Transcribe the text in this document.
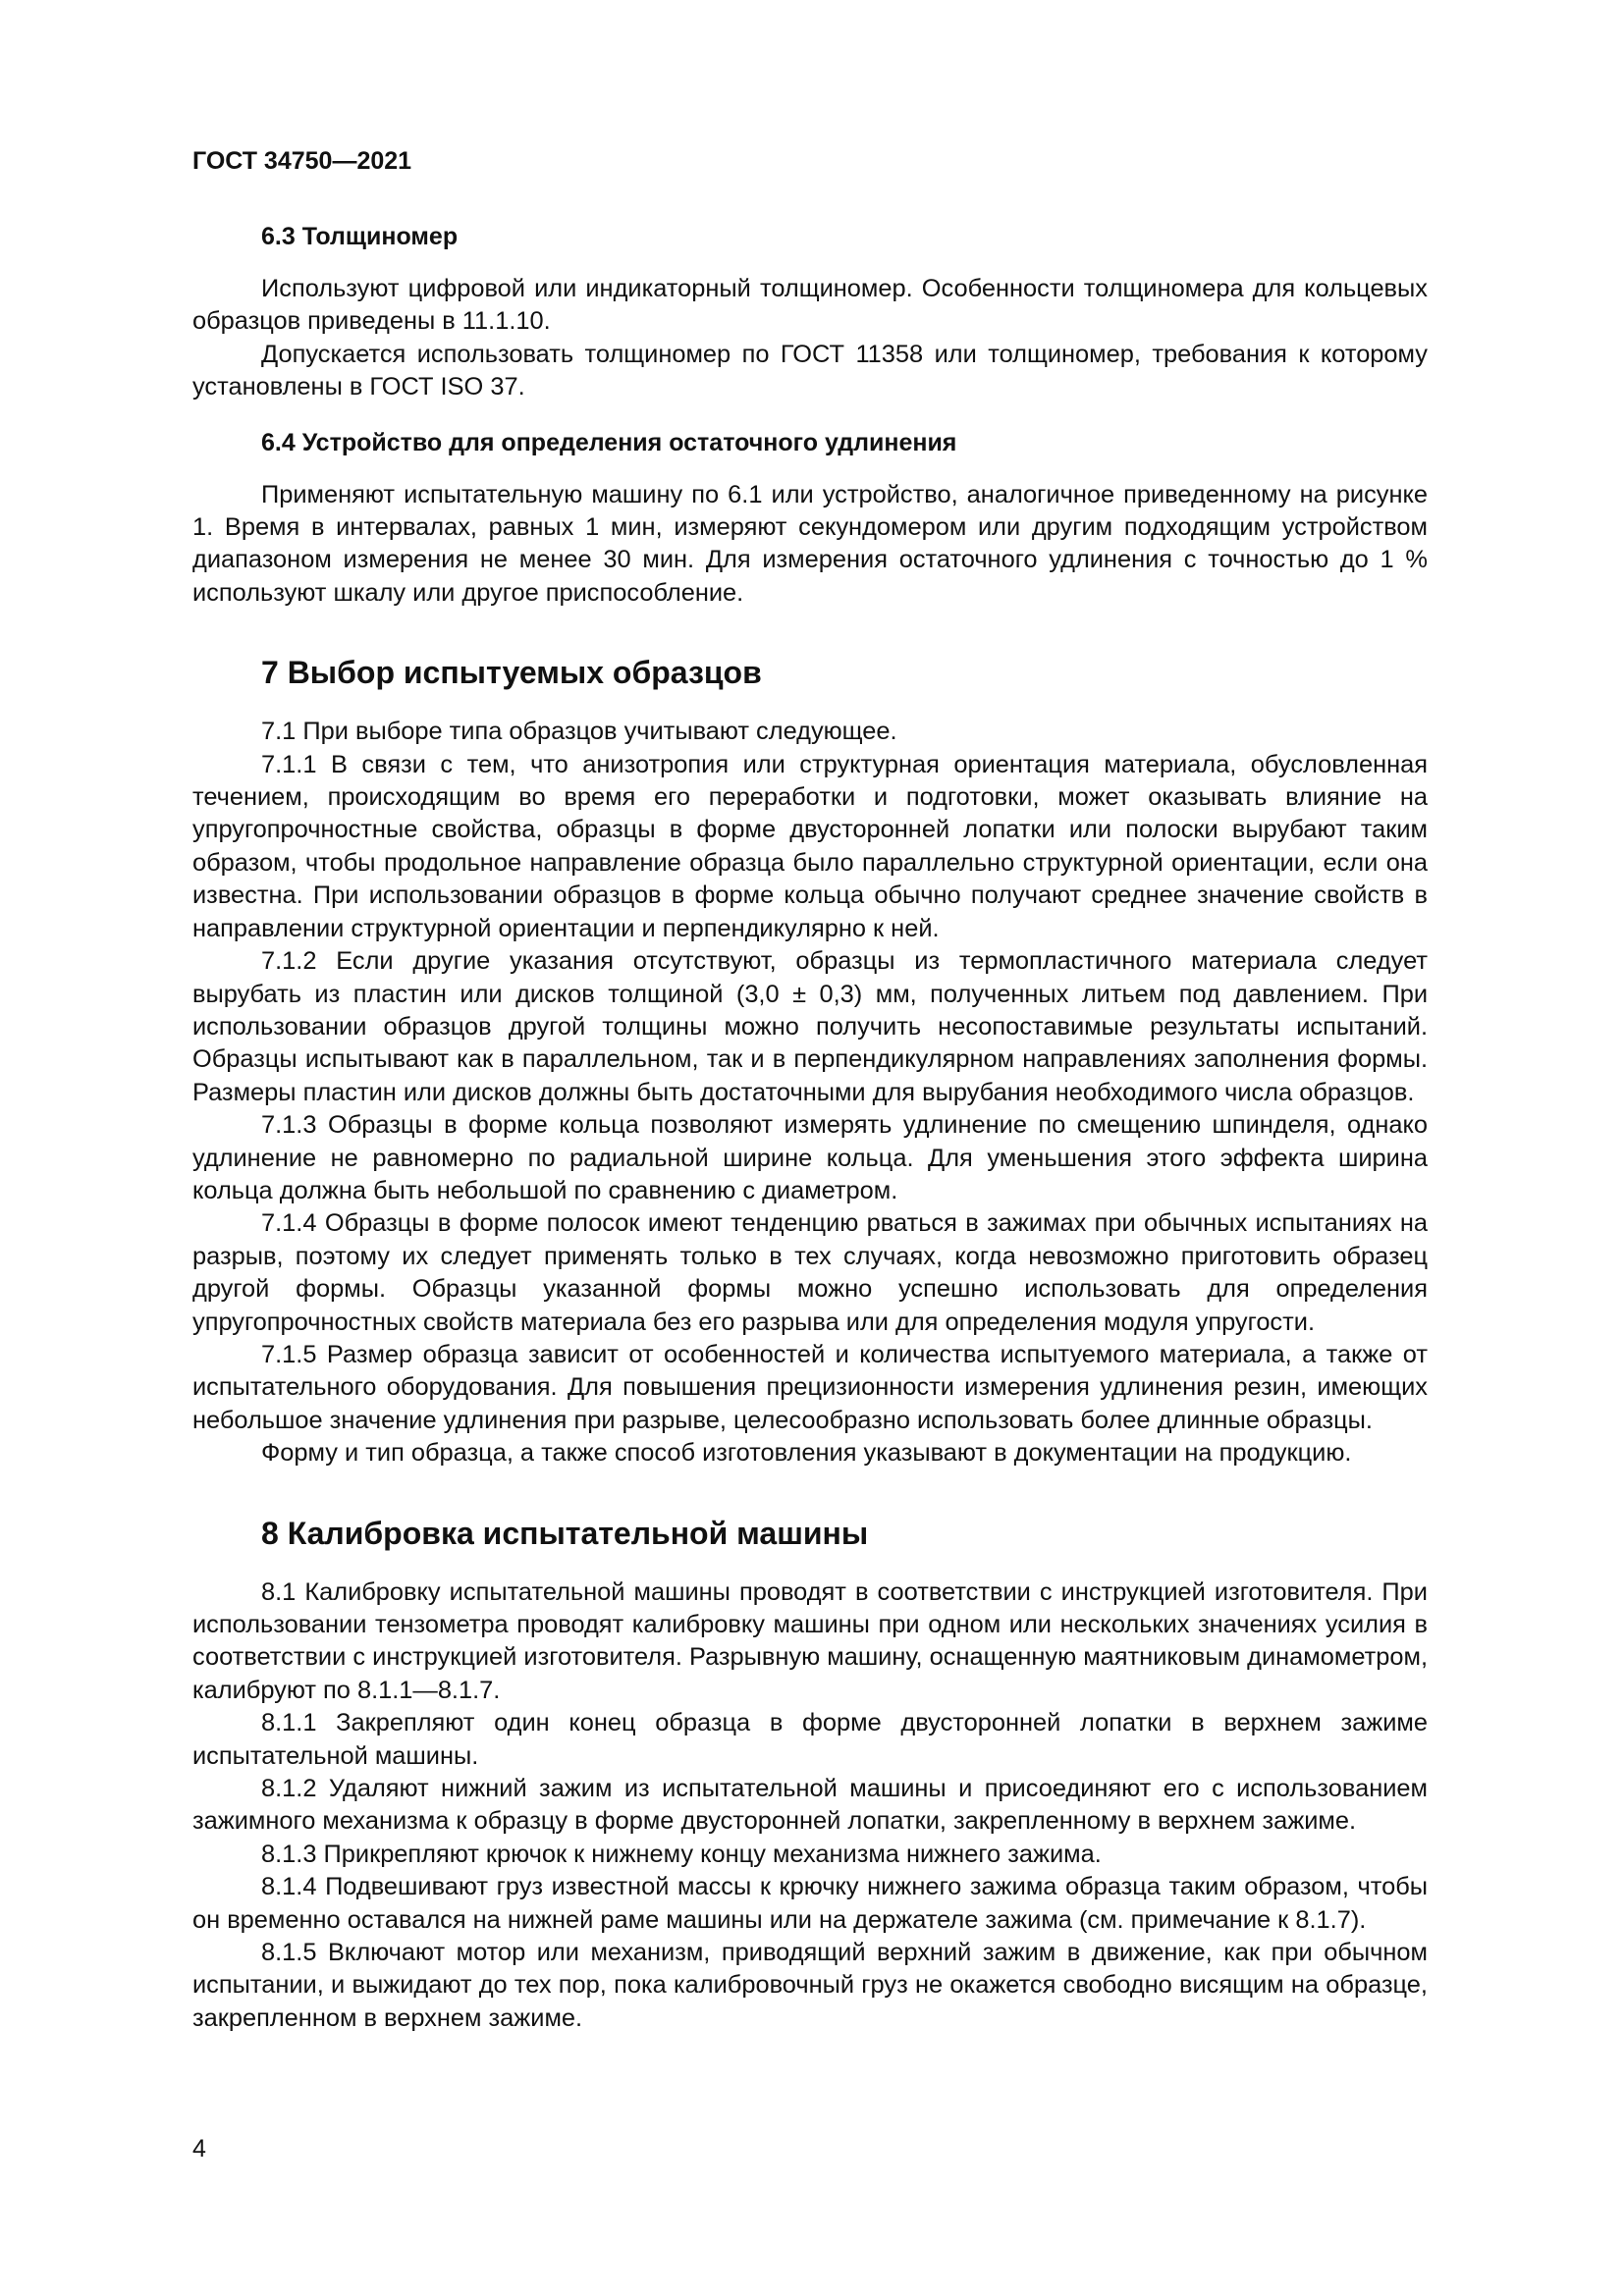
ГОСТ 34750—2021
6.3 Толщиномер

Используют цифровой или индикаторный толщиномер. Особенности толщиномера для кольцевых образцов приведены в 11.1.10.

Допускается использовать толщиномер по ГОСТ 11358 или толщиномер, требования к которому установлены в ГОСТ ISO 37.

6.4 Устройство для определения остаточного удлинения

Применяют испытательную машину по 6.1 или устройство, аналогичное приведенному на рисунке 1. Время в интервалах, равных 1 мин, измеряют секундомером или другим подходящим устройством диапазоном измерения не менее 30 мин. Для измерения остаточного удлинения с точностью до 1 % используют шкалу или другое приспособление.

7 Выбор испытуемых образцов

7.1 При выборе типа образцов учитывают следующее.

7.1.1 В связи с тем, что анизотропия или структурная ориентация материала, обусловленная течением, происходящим во время его переработки и подготовки, может оказывать влияние на упругопрочностные свойства, образцы в форме двусторонней лопатки или полоски вырубают таким образом, чтобы продольное направление образца было параллельно структурной ориентации, если она известна. При использовании образцов в форме кольца обычно получают среднее значение свойств в направлении структурной ориентации и перпендикулярно к ней.

7.1.2 Если другие указания отсутствуют, образцы из термопластичного материала следует вырубать из пластин или дисков толщиной (3,0 ± 0,3) мм, полученных литьем под давлением. При использовании образцов другой толщины можно получить несопоставимые результаты испытаний. Образцы испытывают как в параллельном, так и в перпендикулярном направлениях заполнения формы. Размеры пластин или дисков должны быть достаточными для вырубания необходимого числа образцов.

7.1.3 Образцы в форме кольца позволяют измерять удлинение по смещению шпинделя, однако удлинение не равномерно по радиальной ширине кольца. Для уменьшения этого эффекта ширина кольца должна быть небольшой по сравнению с диаметром.

7.1.4 Образцы в форме полосок имеют тенденцию рваться в зажимах при обычных испытаниях на разрыв, поэтому их следует применять только в тех случаях, когда невозможно приготовить образец другой формы. Образцы указанной формы можно успешно использовать для определения упругопрочностных свойств материала без его разрыва или для определения модуля упругости.

7.1.5 Размер образца зависит от особенностей и количества испытуемого материала, а также от испытательного оборудования. Для повышения прецизионности измерения удлинения резин, имеющих небольшое значение удлинения при разрыве, целесообразно использовать более длинные образцы.

Форму и тип образца, а также способ изготовления указывают в документации на продукцию.

8 Калибровка испытательной машины

8.1 Калибровку испытательной машины проводят в соответствии с инструкцией изготовителя. При использовании тензометра проводят калибровку машины при одном или нескольких значениях усилия в соответствии с инструкцией изготовителя. Разрывную машину, оснащенную маятниковым динамометром, калибруют по 8.1.1—8.1.7.

8.1.1 Закрепляют один конец образца в форме двусторонней лопатки в верхнем зажиме испытательной машины.

8.1.2 Удаляют нижний зажим из испытательной машины и присоединяют его с использованием зажимного механизма к образцу в форме двусторонней лопатки, закрепленному в верхнем зажиме.

8.1.3 Прикрепляют крючок к нижнему концу механизма нижнего зажима.

8.1.4 Подвешивают груз известной массы к крючку нижнего зажима образца таким образом, чтобы он временно оставался на нижней раме машины или на держателе зажима (см. примечание к 8.1.7).

8.1.5 Включают мотор или механизм, приводящий верхний зажим в движение, как при обычном испытании, и выжидают до тех пор, пока калибровочный груз не окажется свободно висящим на образце, закрепленном в верхнем зажиме.

4
